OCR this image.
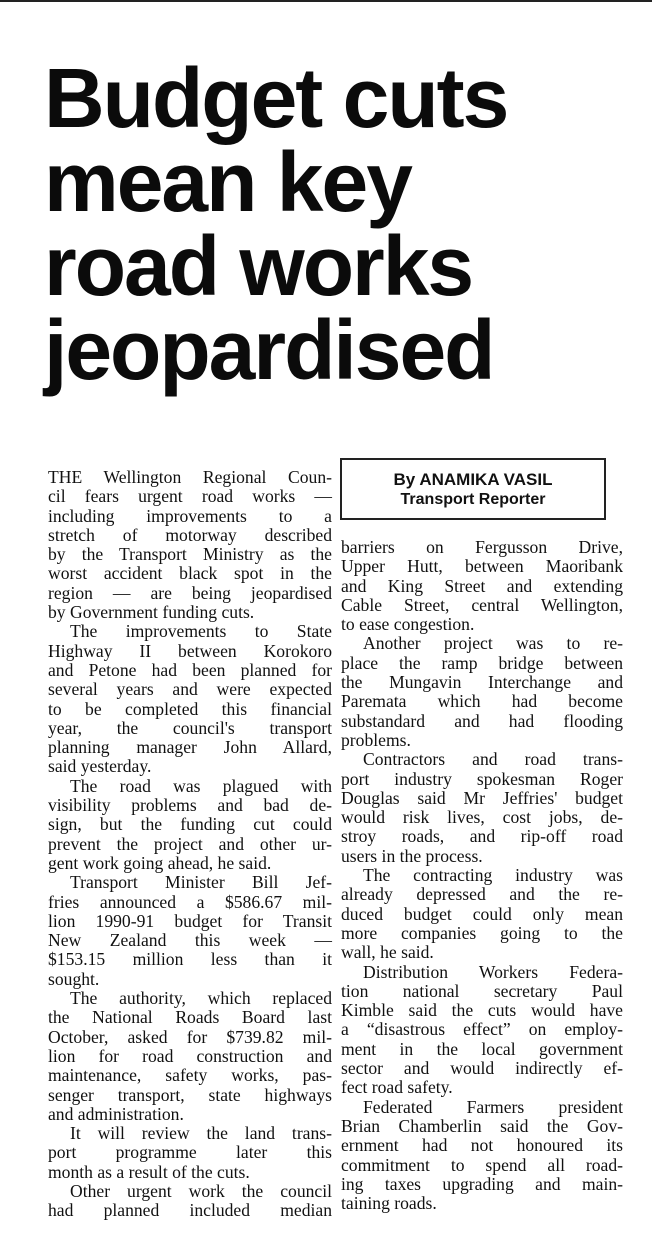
Budget cuts
mean key
road works
jeopardised
By ANAMIKA VASIL
Transport Reporter
THE Wellington Regional Coun-
cil fears urgent road works —
including improvements to a
stretch of motorway described
by the Transport Ministry as the
worst accident black spot in the
region — are being jeopardised
by Government funding cuts.
The improvements to State
Highway II between Korokoro
and Petone had been planned for
several years and were expected
to be completed this financial
year, the council's transport
planning manager John Allard,
said yesterday.
The road was plagued with
visibility problems and bad de-
sign, but the funding cut could
prevent the project and other ur-
gent work going ahead, he said.
Transport Minister Bill Jef-
fries announced a $586.67 mil-
lion 1990-91 budget for Transit
New Zealand this week —
$153.15 million less than it
sought.
The authority, which replaced
the National Roads Board last
October, asked for $739.82 mil-
lion for road construction and
maintenance, safety works, pas-
senger transport, state highways
and administration.
It will review the land trans-
port programme later this
month as a result of the cuts.
Other urgent work the council
had planned included median
barriers on Fergusson Drive,
Upper Hutt, between Maoribank
and King Street and extending
Cable Street, central Wellington,
to ease congestion.
Another project was to re-
place the ramp bridge between
the Mungavin Interchange and
Paremata which had become
substandard and had flooding
problems.
Contractors and road trans-
port industry spokesman Roger
Douglas said Mr Jeffries' budget
would risk lives, cost jobs, de-
stroy roads, and rip-off road
users in the process.
The contracting industry was
already depressed and the re-
duced budget could only mean
more companies going to the
wall, he said.
Distribution Workers Federa-
tion national secretary Paul
Kimble said the cuts would have
a “disastrous effect” on employ-
ment in the local government
sector and would indirectly ef-
fect road safety.
Federated Farmers president
Brian Chamberlin said the Gov-
ernment had not honoured its
commitment to spend all road-
ing taxes upgrading and main-
taining roads.
